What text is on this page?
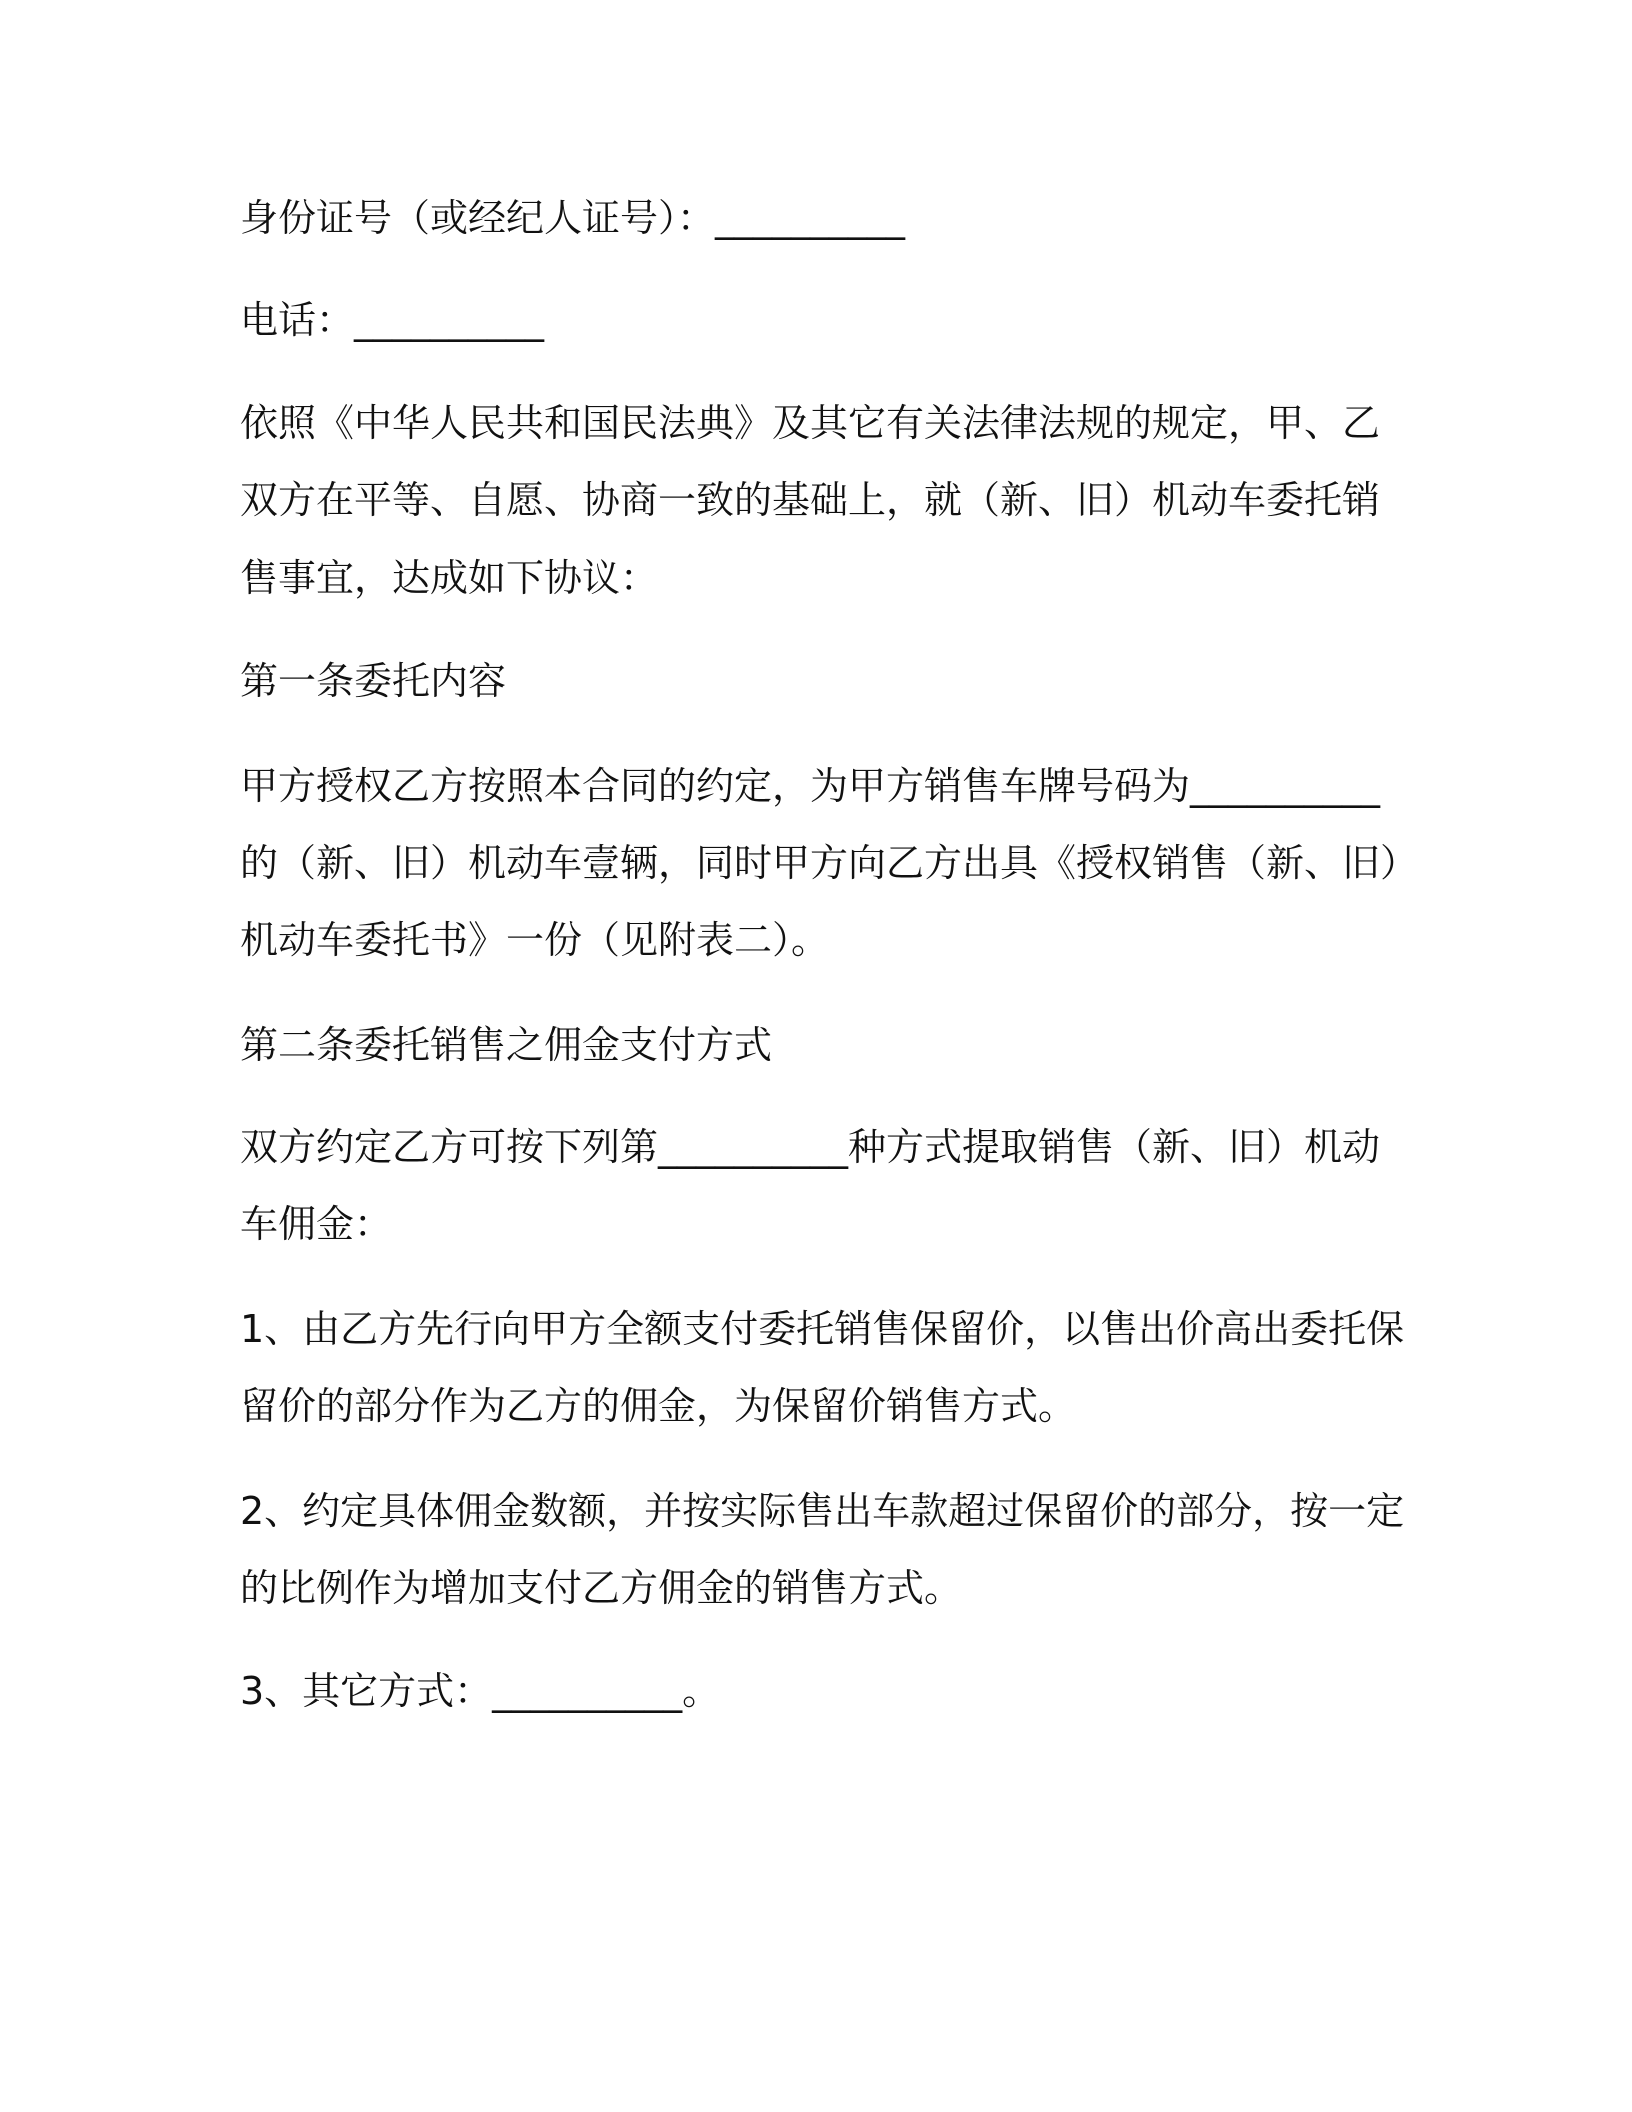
身份证号（或经纪人证号）：__________

电话：__________

依照《中华人民共和国民法典》及其它有关法律法规的规定，甲、乙

双方在平等、自愿、协商一致的基础上，就（新、旧）机动车委托销

售事宜，达成如下协议：

第一条委托内容

甲方授权乙方按照本合同的约定，为甲方销售车牌号码为__________

的（新、旧）机动车壹辆，同时甲方向乙方出具《授权销售（新、旧）

机动车委托书》一份（见附表二）。

第二条委托销售之佣金支付方式

双方约定乙方可按下列第__________种方式提取销售（新、旧）机动

车佣金：

1、由乙方先行向甲方全额支付委托销售保留价，以售出价高出委托保

留价的部分作为乙方的佣金，为保留价销售方式。

2、约定具体佣金数额，并按实际售出车款超过保留价的部分，按一定

的比例作为增加支付乙方佣金的销售方式。

3、其它方式：__________。
